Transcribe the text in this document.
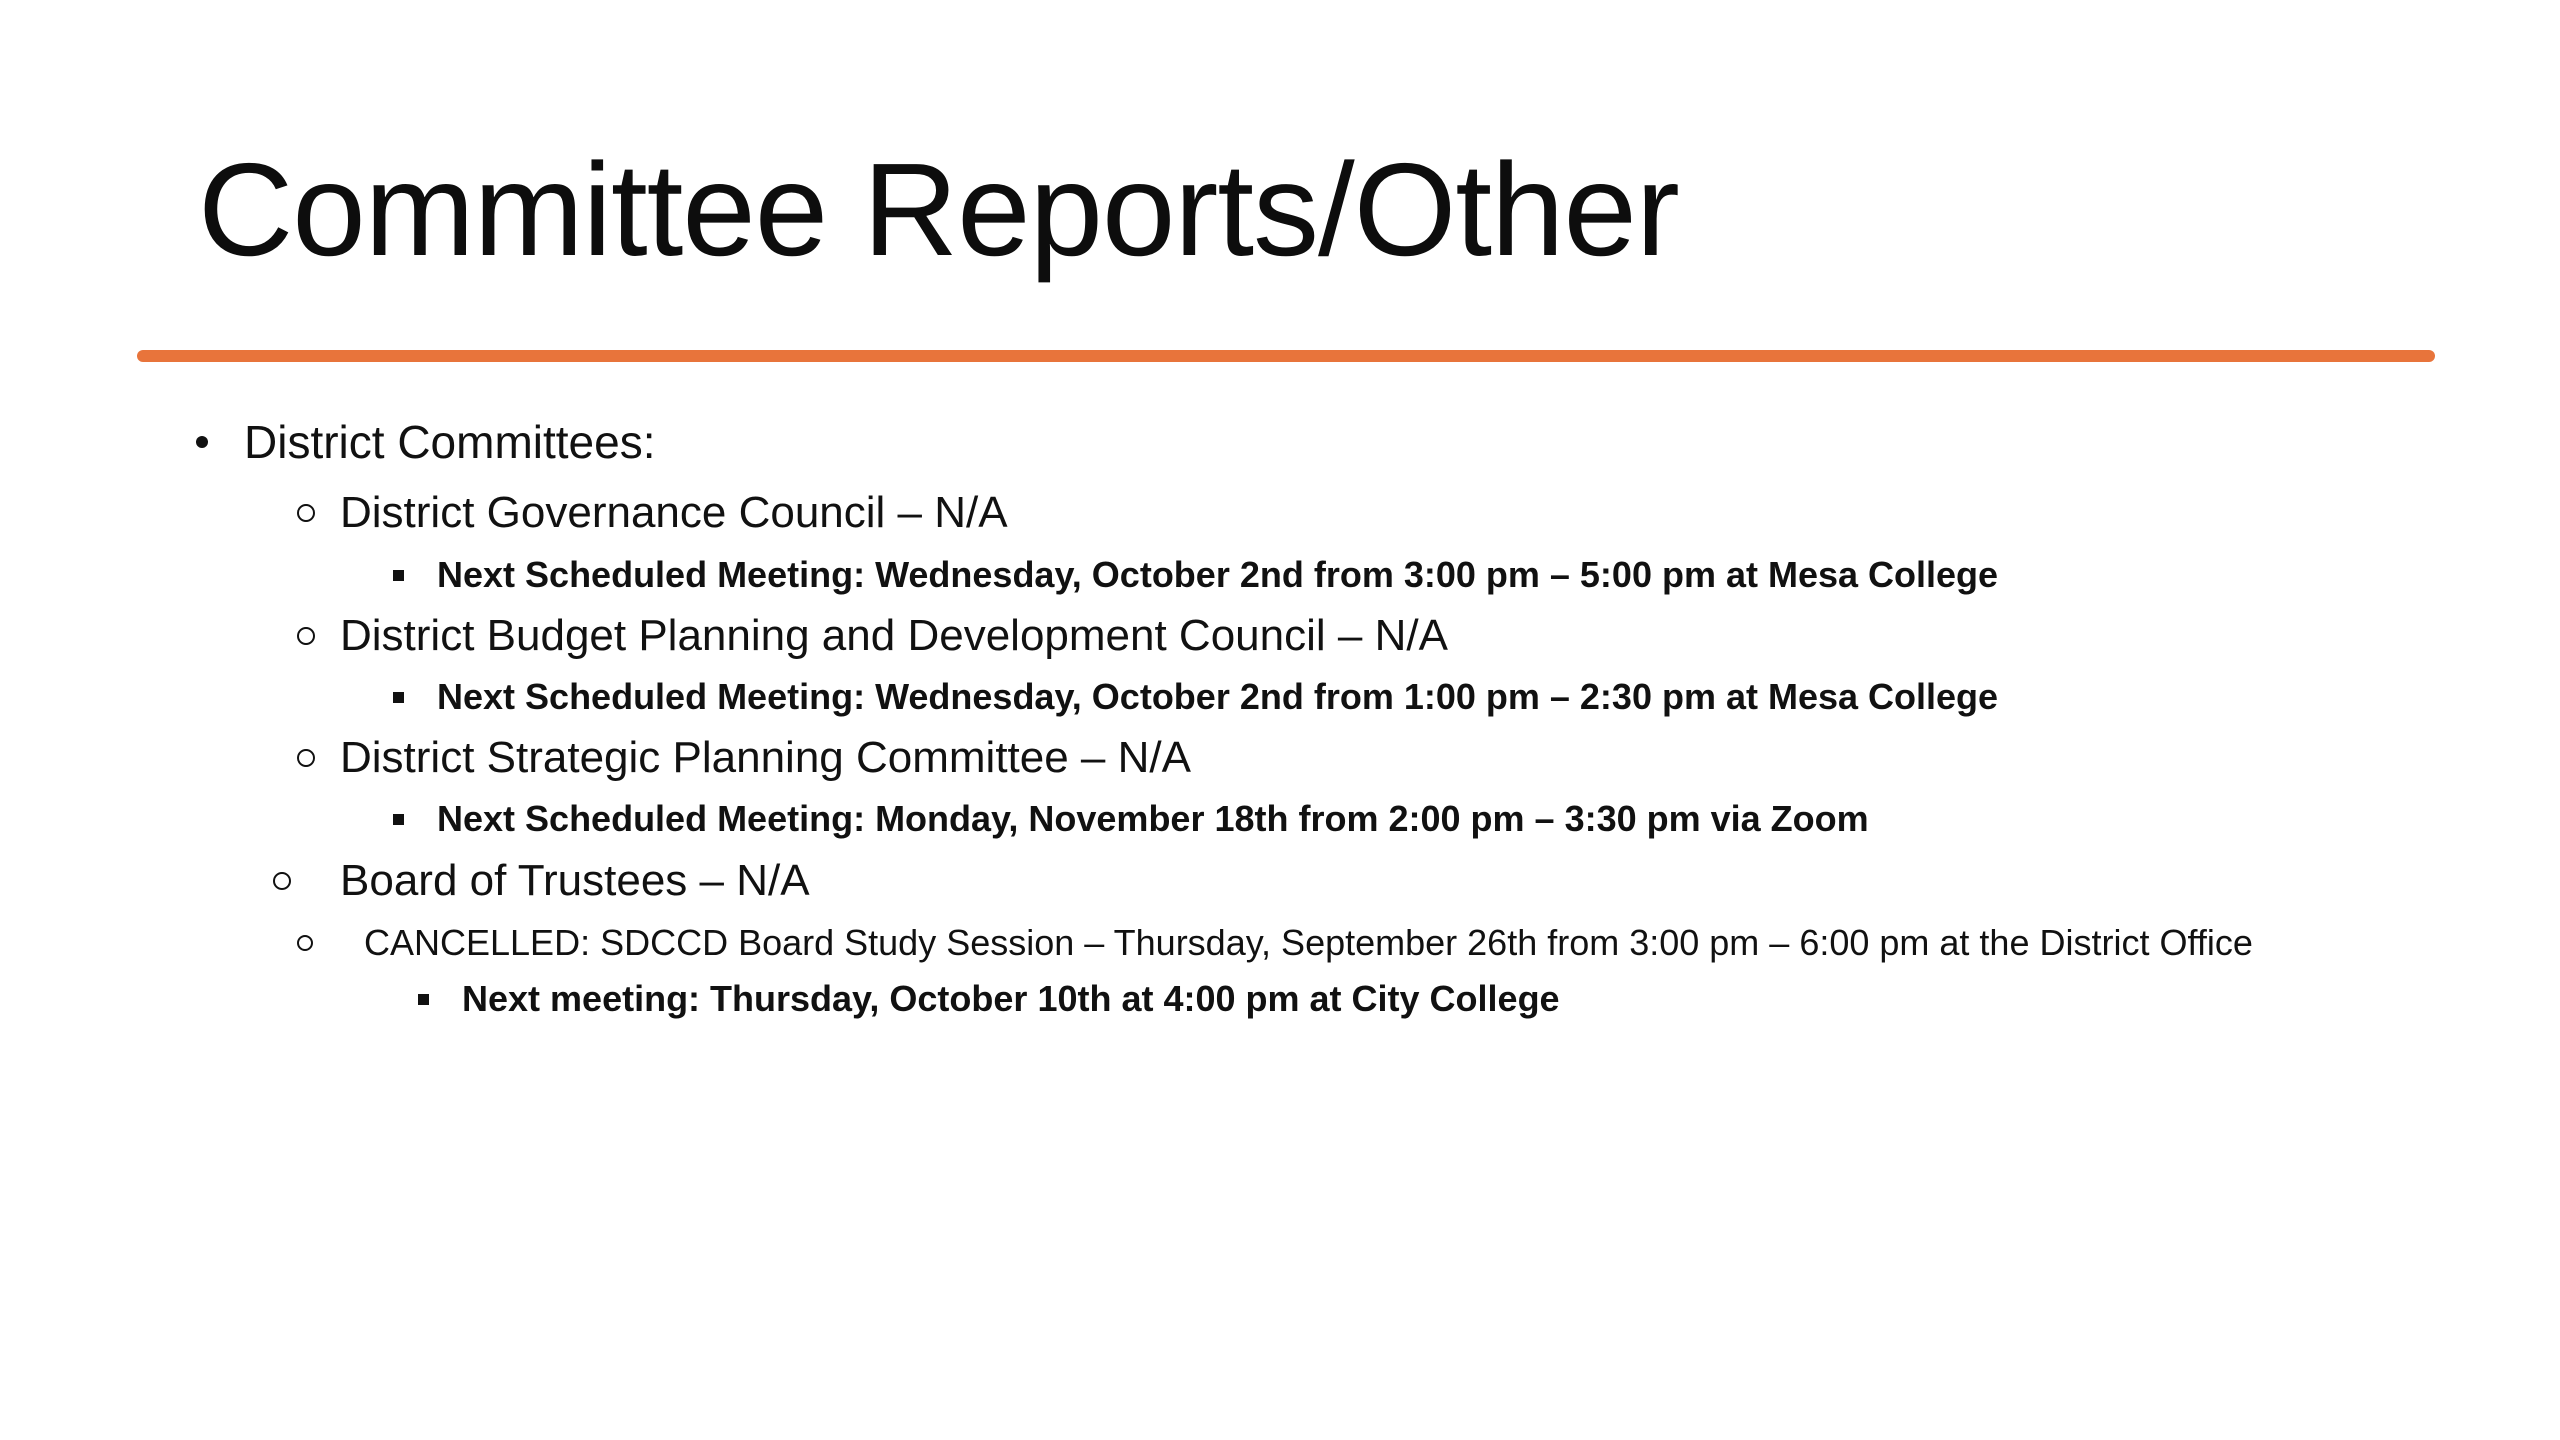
Committee Reports/Other
District Committees:
District Governance Council – N/A
Next Scheduled Meeting: Wednesday, October 2nd from 3:00 pm – 5:00 pm at Mesa College
District Budget Planning and Development Council – N/A
Next Scheduled Meeting: Wednesday, October 2nd from 1:00 pm – 2:30 pm at Mesa College
District Strategic Planning Committee – N/A
Next Scheduled Meeting: Monday, November 18th from 2:00 pm – 3:30 pm via Zoom
Board of Trustees – N/A
CANCELLED: SDCCD Board Study Session – Thursday, September 26th from 3:00 pm – 6:00 pm at the District Office
Next meeting: Thursday, October 10th at 4:00 pm at City College
